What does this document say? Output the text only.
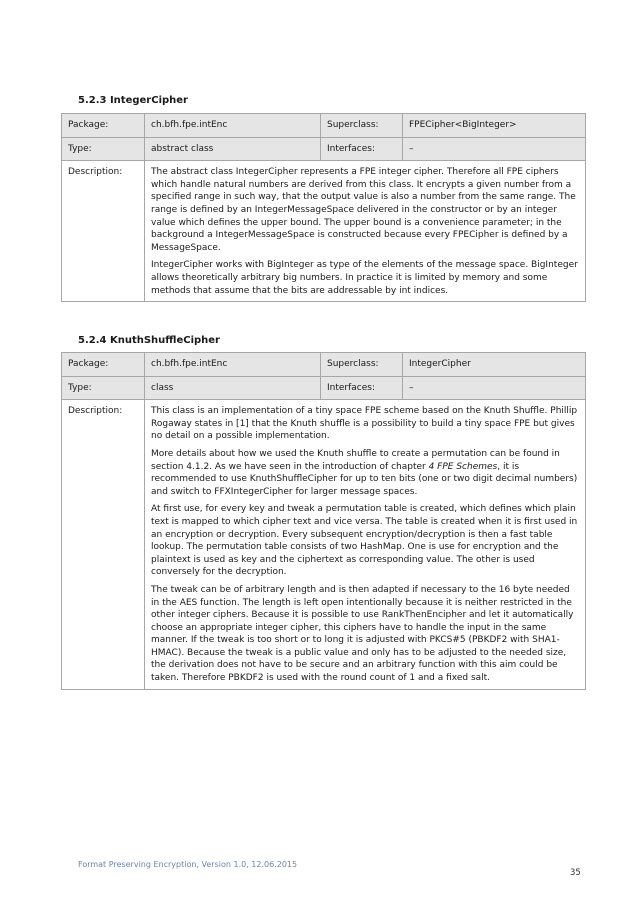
5.2.3 IntegerCipher
Package:	ch.bfh.fpe.intEnc	Superclass:	FPECipher<BigInteger>
Type:	abstract class	Interfaces:	–
Description:	The abstract class IntegerCipher represents a FPE integer cipher. Therefore all FPE ciphers which handle natural numbers are derived from this class. It encrypts a given number from a specified range in such way, that the output value is also a number from the same range. The range is defined by an IntegerMessageSpace delivered in the constructor or by an integer value which defines the upper bound. The upper bound is a convenience parameter; in the background a IntegerMessageSpace is constructed because every FPECipher is defined by a MessageSpace.

IntegerCipher works with BigInteger as type of the elements of the message space. BigInteger allows theoretically arbitrary big numbers. In practice it is limited by memory and some methods that assume that the bits are addressable by int indices.		

5.2.4 KnuthShuffleCipher
Package:	ch.bfh.fpe.intEnc	Superclass:	IntegerCipher
Type:	class	Interfaces:	–
Description:	This class is an implementation of a tiny space FPE scheme based on the Knuth Shuffle. Phillip Rogaway states in [1] that the Knuth shuffle is a possibility to build a tiny space FPE but gives no detail on a possible implementation.

More details about how we used the Knuth shuffle to create a permutation can be found in section 4.1.2. As we have seen in the introduction of chapter 4 FPE Schemes, it is recommended to use KnuthShuffleCipher for up to ten bits (one or two digit decimal numbers) and switch to FFXIntegerCipher for larger message spaces.

At first use, for every key and tweak a permutation table is created, which defines which plain text is mapped to which cipher text and vice versa. The table is created when it is first used in an encryption or decryption. Every subsequent encryption/decryption is then a fast table lookup. The permutation table consists of two HashMap. One is use for encryption and the plaintext is used as key and the ciphertext as corresponding value. The other is used conversely for the decryption.

The tweak can be of arbitrary length and is then adapted if necessary to the 16 byte needed in the AES function. The length is left open intentionally because it is neither restricted in the other integer ciphers. Because it is possible to use RankThenEncipher and let it automatically choose an appropriate integer cipher, this ciphers have to handle the input in the same manner. If the tweak is too short or to long it is adjusted with PKCS#5 (PBKDF2 with SHA1-HMAC). Because the tweak is a public value and only has to be adjusted to the needed size, the derivation does not have to be secure and an arbitrary function with this aim could be taken. Therefore PBKDF2 is used with the round count of 1 and a fixed salt.		

Format Preserving Encryption, Version 1.0, 12.06.2015
35
